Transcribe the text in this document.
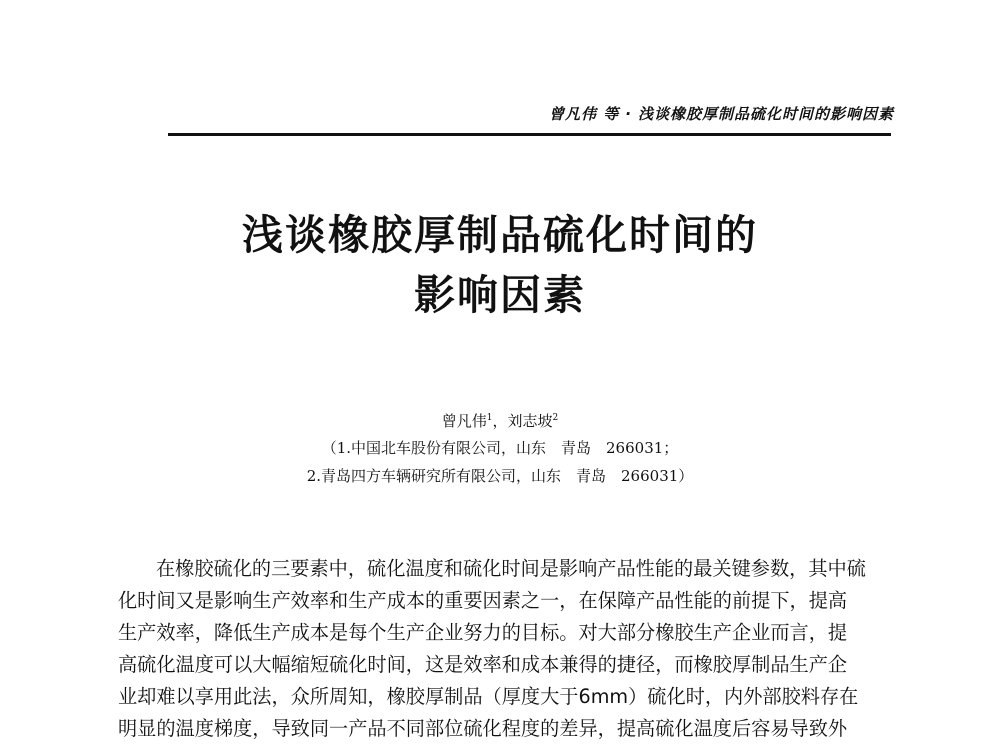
曾凡伟 等 · 浅谈橡胶厚制品硫化时间的影响因素
浅谈橡胶厚制品硫化时间的
影响因素
曾凡伟$^1$，刘志坡$^2$
（1.中国北车股份有限公司，山东　青岛　266031；
2.青岛四方车辆研究所有限公司，山东　青岛　266031）
在橡胶硫化的三要素中，硫化温度和硫化时间是影响产品性能的最关键参数，其中硫
化时间又是影响生产效率和生产成本的重要因素之一，在保障产品性能的前提下，提高
生产效率，降低生产成本是每个生产企业努力的目标。对大部分橡胶生产企业而言，提
高硫化温度可以大幅缩短硫化时间，这是效率和成本兼得的捷径，而橡胶厚制品生产企
业却难以享用此法，众所周知，橡胶厚制品（厚度大于6mm）硫化时，内外部胶料存在
明显的温度梯度，导致同一产品不同部位硫化程度的差异，提高硫化温度后容易导致外
